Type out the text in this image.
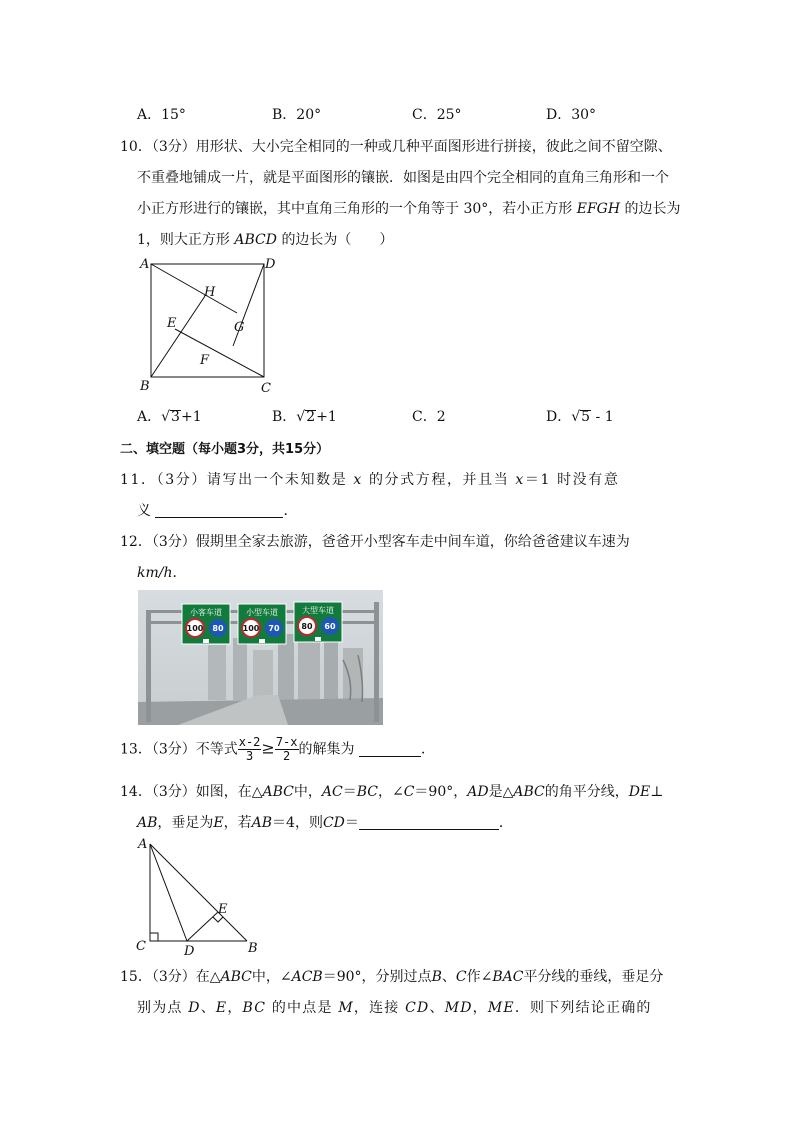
A．15°	B．20°	C．25°	D．30°
10．（3分）用形状、大小完全相同的一种或几种平面图形进行拼接，彼此之间不留空隙、
不重叠地铺成一片，就是平面图形的镶嵌．如图是由四个完全相同的直角三角形和一个
小正方形进行的镶嵌，其中直角三角形的一个角等于 30°，若小正方形 EFGH 的边长为
1，则大正方形 ABCD 的边长为（　　）
A	D
B	C
H
E	G
F
A．√3+1	B．√2+1	C．2	D．√5 - 1
二、填空题（每小题3分，共15分）
11．（3分）请写出一个未知数是 x 的分式方程，并且当 x＝1 时没有意
义	．
12．（3分）假期里全家去旅游，爸爸开小型客车走中间车道，你给爸爸建议车速为
km/h．
小客车道
100 80
小型车道
100 70
大型车道
80 60
13．（3分）不等式 $\frac{x-2}{3} \ge \frac{7-x}{2}$ 的解集为	．
14．（3分）如图，在△ABC中，AC＝BC，∠C＝90°，AD是△ABC的角平分线，DE⊥
AB，垂足为E，若AB＝4，则CD＝	．
A
C	D	B
E
15．（3分）在△ABC中，∠ACB＝90°，分别过点B、C作∠BAC平分线的垂线，垂足分
别为点 D、E，BC 的中点是 M，连接 CD、MD，ME．则下列结论正确的
